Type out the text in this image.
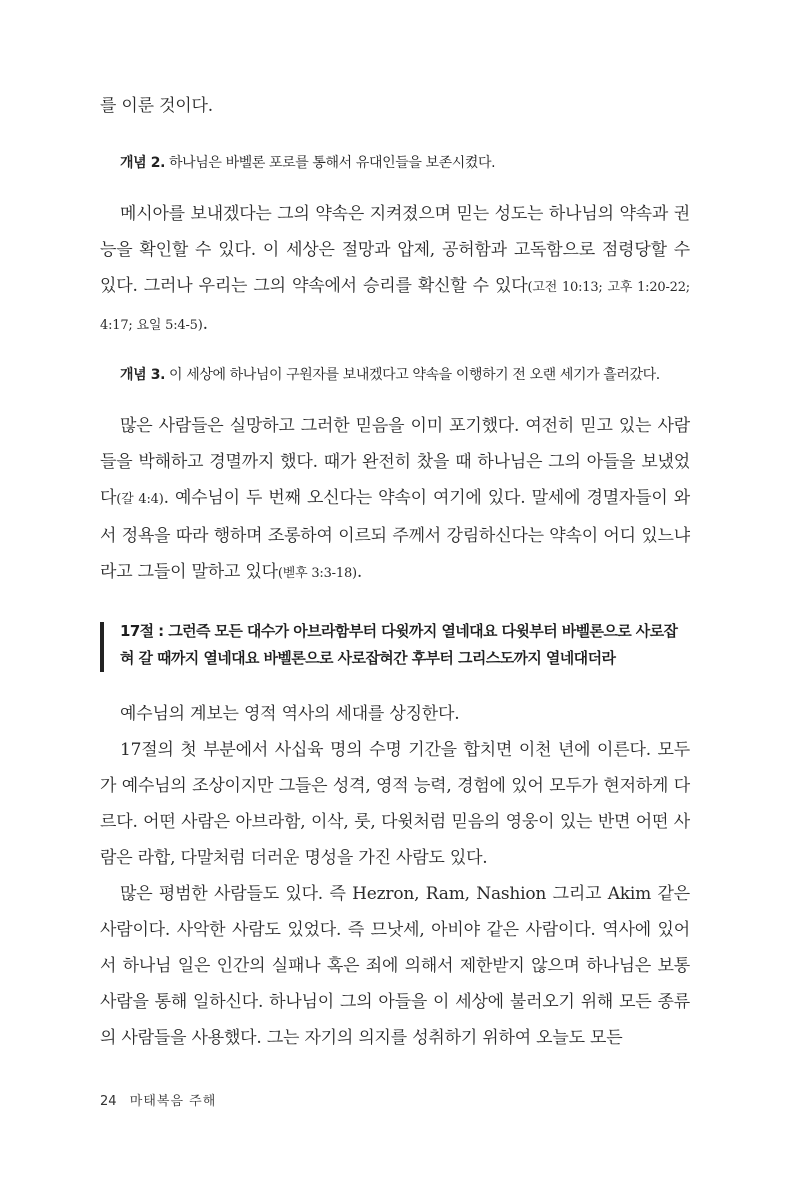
를 이룬 것이다.

개념 2. 하나님은 바벨론 포로를 통해서 유대인들을 보존시켰다.

메시아를 보내겠다는 그의 약속은 지켜졌으며 믿는 성도는 하나님의 약속과 권능을 확인할 수 있다. 이 세상은 절망과 압제, 공허함과 고독함으로 점령당할 수 있다. 그러나 우리는 그의 약속에서 승리를 확신할 수 있다(고전 10:13; 고후 1:20-22; 4:17; 요일 5:4-5).

개념 3. 이 세상에 하나님이 구원자를 보내겠다고 약속을 이행하기 전 오랜 세기가 흘러갔다.

많은 사람들은 실망하고 그러한 믿음을 이미 포기했다. 여전히 믿고 있는 사람들을 박해하고 경멸까지 했다. 때가 완전히 찼을 때 하나님은 그의 아들을 보냈었다(갈 4:4). 예수님이 두 번째 오신다는 약속이 여기에 있다. 말세에 경멸자들이 와서 정욕을 따라 행하며 조롱하여 이르되 주께서 강림하신다는 약속이 어디 있느냐 라고 그들이 말하고 있다(벧후 3:3-18).

17절 : 그런즉 모든 대수가 아브라함부터 다윗까지 열네대요 다윗부터 바벨론으로 사로잡혀 갈 때까지 열네대요 바벨론으로 사로잡혀간 후부터 그리스도까지 열네대더라

예수님의 계보는 영적 역사의 세대를 상징한다.

17절의 첫 부분에서 사십육 명의 수명 기간을 합치면 이천 년에 이른다. 모두가 예수님의 조상이지만 그들은 성격, 영적 능력, 경험에 있어 모두가 현저하게 다르다. 어떤 사람은 아브라함, 이삭, 룻, 다윗처럼 믿음의 영웅이 있는 반면 어떤 사람은 라합, 다말처럼 더러운 명성을 가진 사람도 있다.

많은 평범한 사람들도 있다. 즉 Hezron, Ram, Nashion 그리고 Akim 같은 사람이다. 사악한 사람도 있었다. 즉 므낫세, 아비야 같은 사람이다. 역사에 있어서 하나님 일은 인간의 실패나 혹은 죄에 의해서 제한받지 않으며 하나님은 보통 사람을 통해 일하신다. 하나님이 그의 아들을 이 세상에 불러오기 위해 모든 종류의 사람들을 사용했다. 그는 자기의 의지를 성취하기 위하여 오늘도 모든

24 마태복음 주해
